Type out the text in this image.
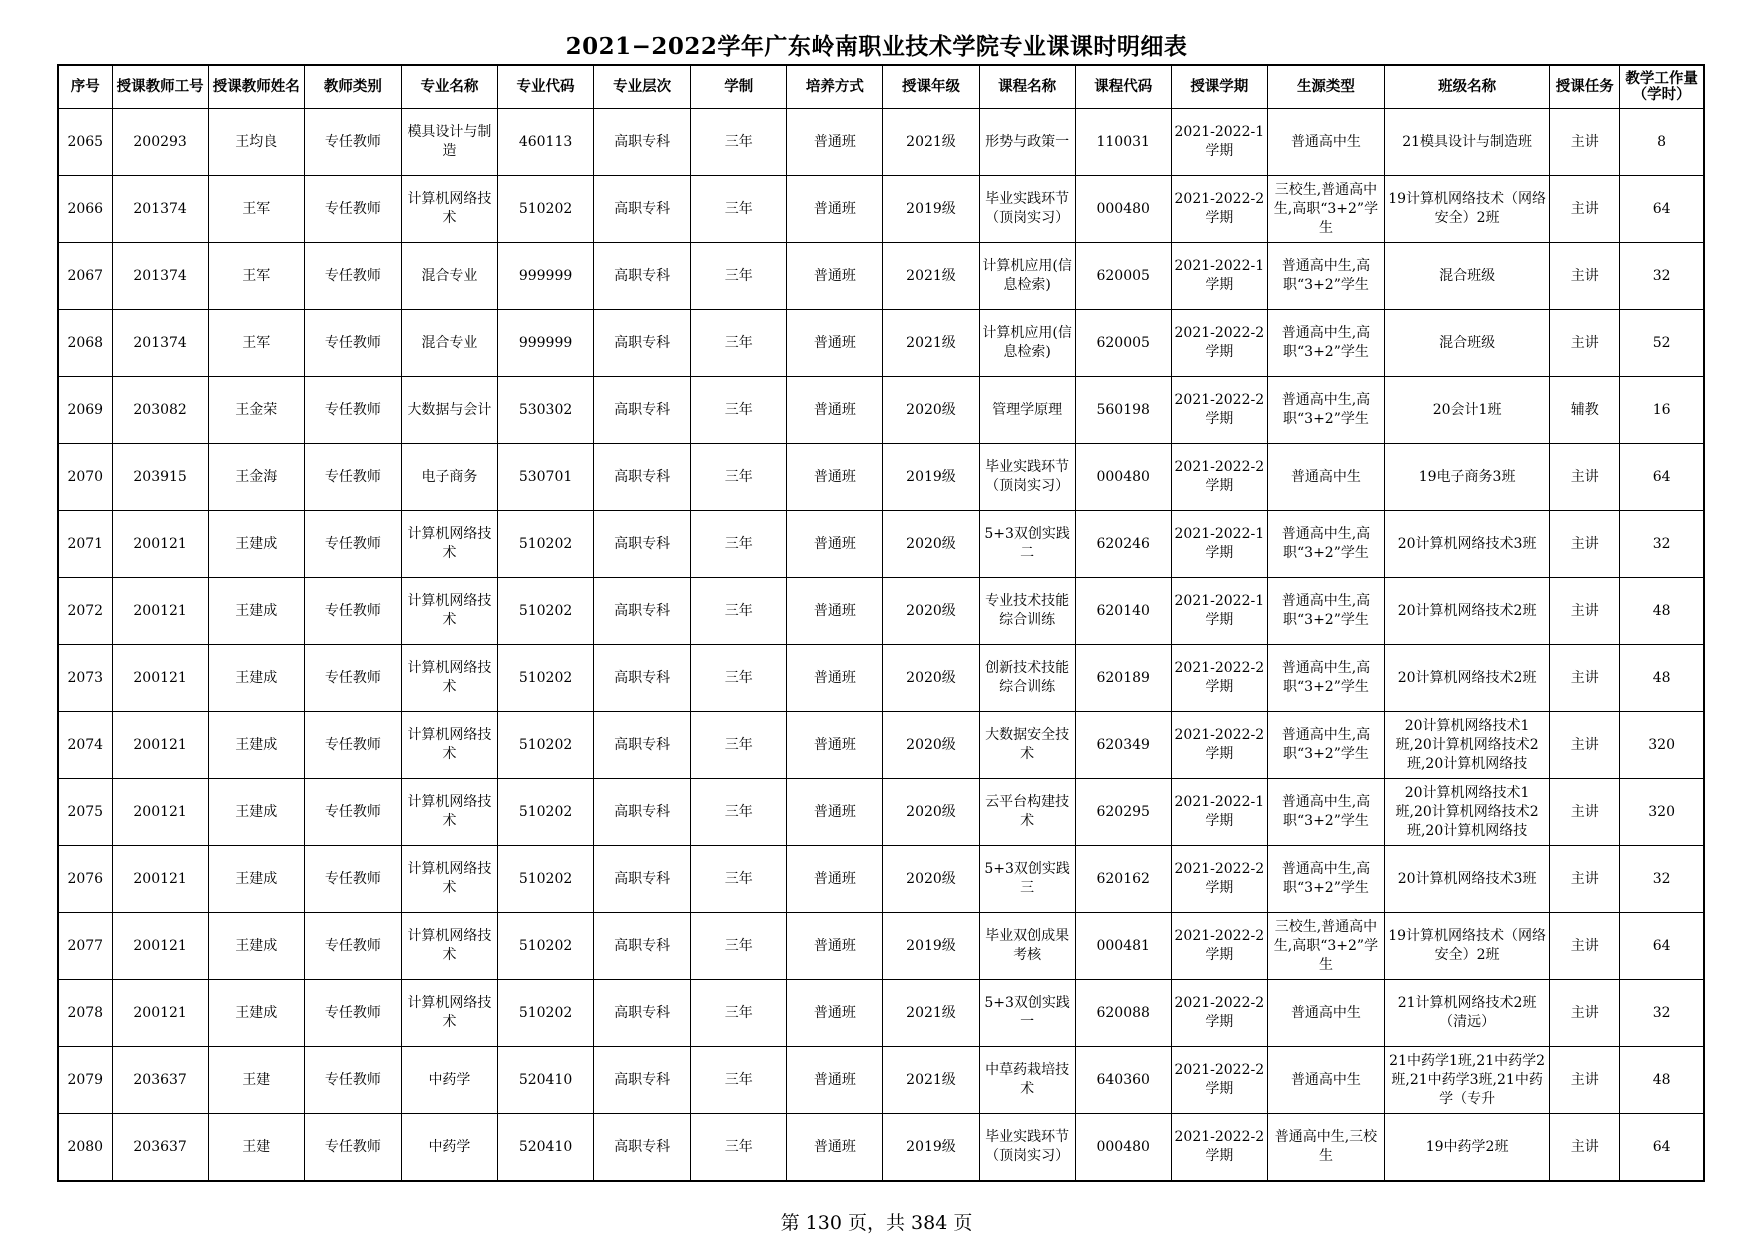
2021−2022学年广东岭南职业技术学院专业课课时明细表
序号	授课教师工号	授课教师姓名	教师类别	专业名称	专业代码	专业层次	学制	培养方式	授课年级	课程名称	课程代码	授课学期	生源类型	班级名称	授课任务	教学工作量（学时）

2065	200293	王均良	专任教师	模具设计与制造	460113	高职专科	三年	普通班	2021级	形势与政策一	110031	2021-2022-1学期	普通高中生	21模具设计与制造班	主讲	8

2066	201374	王军	专任教师	计算机网络技术	510202	高职专科	三年	普通班	2019级	毕业实践环节（顶岗实习）	000480	2021-2022-2学期	三校生,普通高中生,高职“3+2”学生	19计算机网络技术（网络安全）2班	主讲	64

2067	201374	王军	专任教师	混合专业	999999	高职专科	三年	普通班	2021级	计算机应用(信息检索)	620005	2021-2022-1学期	普通高中生,高职“3+2”学生	混合班级	主讲	32

2068	201374	王军	专任教师	混合专业	999999	高职专科	三年	普通班	2021级	计算机应用(信息检索)	620005	2021-2022-2学期	普通高中生,高职“3+2”学生	混合班级	主讲	52

2069	203082	王金荣	专任教师	大数据与会计	530302	高职专科	三年	普通班	2020级	管理学原理	560198	2021-2022-2学期	普通高中生,高职“3+2”学生	20会计1班	辅教	16

2070	203915	王金海	专任教师	电子商务	530701	高职专科	三年	普通班	2019级	毕业实践环节（顶岗实习）	000480	2021-2022-2学期	普通高中生	19电子商务3班	主讲	64

2071	200121	王建成	专任教师	计算机网络技术	510202	高职专科	三年	普通班	2020级	5+3双创实践二	620246	2021-2022-1学期	普通高中生,高职“3+2”学生	20计算机网络技术3班	主讲	32

2072	200121	王建成	专任教师	计算机网络技术	510202	高职专科	三年	普通班	2020级	专业技术技能综合训练	620140	2021-2022-1学期	普通高中生,高职“3+2”学生	20计算机网络技术2班	主讲	48

2073	200121	王建成	专任教师	计算机网络技术	510202	高职专科	三年	普通班	2020级	创新技术技能综合训练	620189	2021-2022-2学期	普通高中生,高职“3+2”学生	20计算机网络技术2班	主讲	48

2074	200121	王建成	专任教师	计算机网络技术	510202	高职专科	三年	普通班	2020级	大数据安全技术	620349	2021-2022-2学期	普通高中生,高职“3+2”学生	20计算机网络技术1班,20计算机网络技术2班,20计算机网络技	主讲	320

2075	200121	王建成	专任教师	计算机网络技术	510202	高职专科	三年	普通班	2020级	云平台构建技术	620295	2021-2022-1学期	普通高中生,高职“3+2”学生	20计算机网络技术1班,20计算机网络技术2班,20计算机网络技	主讲	320

2076	200121	王建成	专任教师	计算机网络技术	510202	高职专科	三年	普通班	2020级	5+3双创实践三	620162	2021-2022-2学期	普通高中生,高职“3+2”学生	20计算机网络技术3班	主讲	32

2077	200121	王建成	专任教师	计算机网络技术	510202	高职专科	三年	普通班	2019级	毕业双创成果考核	000481	2021-2022-2学期	三校生,普通高中生,高职“3+2”学生	19计算机网络技术（网络安全）2班	主讲	64

2078	200121	王建成	专任教师	计算机网络技术	510202	高职专科	三年	普通班	2021级	5+3双创实践一	620088	2021-2022-2学期	普通高中生	21计算机网络技术2班（清远）	主讲	32

2079	203637	王建	专任教师	中药学	520410	高职专科	三年	普通班	2021级	中草药栽培技术	640360	2021-2022-2学期	普通高中生	21中药学1班,21中药学2班,21中药学3班,21中药学（专升	主讲	48

2080	203637	王建	专任教师	中药学	520410	高职专科	三年	普通班	2019级	毕业实践环节（顶岗实习）	000480	2021-2022-2学期	普通高中生,三校生	19中药学2班	主讲	64
第 130 页，共 384 页
